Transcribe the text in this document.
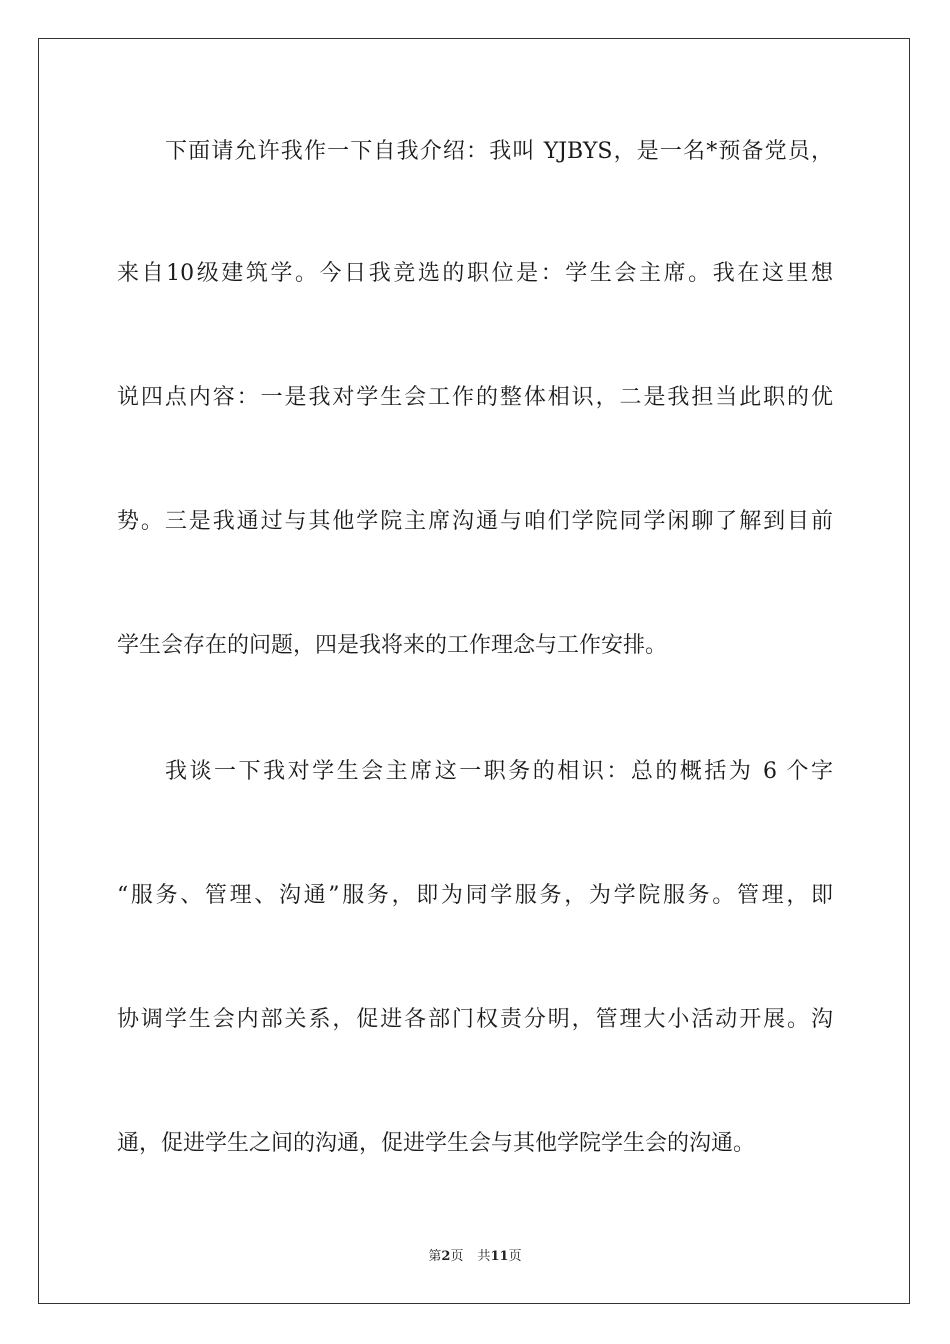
下面请允许我作一下自我介绍：我叫 YJBYS，是一名*预备党员，
来自10级建筑学。今日我竞选的职位是：学生会主席。我在这里想
说四点内容：一是我对学生会工作的整体相识，二是我担当此职的优
势。三是我通过与其他学院主席沟通与咱们学院同学闲聊了解到目前
学生会存在的问题，四是我将来的工作理念与工作安排。
我谈一下我对学生会主席这一职务的相识：总的概括为 6 个字
“服务、管理、沟通”服务，即为同学服务，为学院服务。管理，即
协调学生会内部关系，促进各部门权责分明，管理大小活动开展。沟
通，促进学生之间的沟通，促进学生会与其他学院学生会的沟通。
第2页 共11页
